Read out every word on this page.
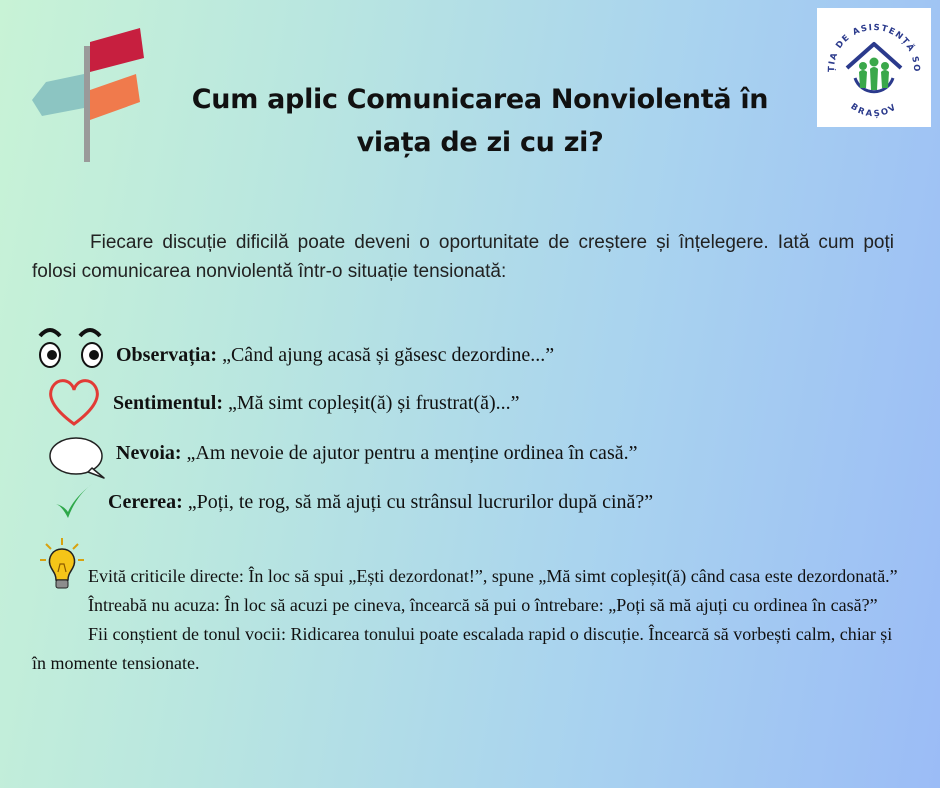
Cum aplic Comunicarea Nonviolentă în
viața de zi cu zi?
ȚIA DE ASISTENȚĂ SO
BRAȘOV
Fiecare discuție dificilă poate deveni o oportunitate de creștere și înțelegere. Iată cum poți folosi comunicarea nonviolentă într-o situație tensionată:
Observația: „Când ajung acasă și găsesc dezordine...”
Sentimentul: „Mă simt copleșit(ă) și frustrat(ă)...”
Nevoia: „Am nevoie de ajutor pentru a menține ordinea în casă.”
Cererea: „Poți, te rog, să mă ajuți cu strânsul lucrurilor după cină?”

Evită criticile directe: În loc să spui „Ești dezordonat!”, spune „Mă simt copleșit(ă) când casa este dezordonată.”

Întreabă nu acuza: În loc să acuzi pe cineva, încearcă să pui o întrebare: „Poți să mă ajuți cu ordinea în casă?”

Fii conștient de tonul vocii: Ridicarea tonului poate escalada rapid o discuție. Încearcă să vorbești calm, chiar și în momente tensionate.
